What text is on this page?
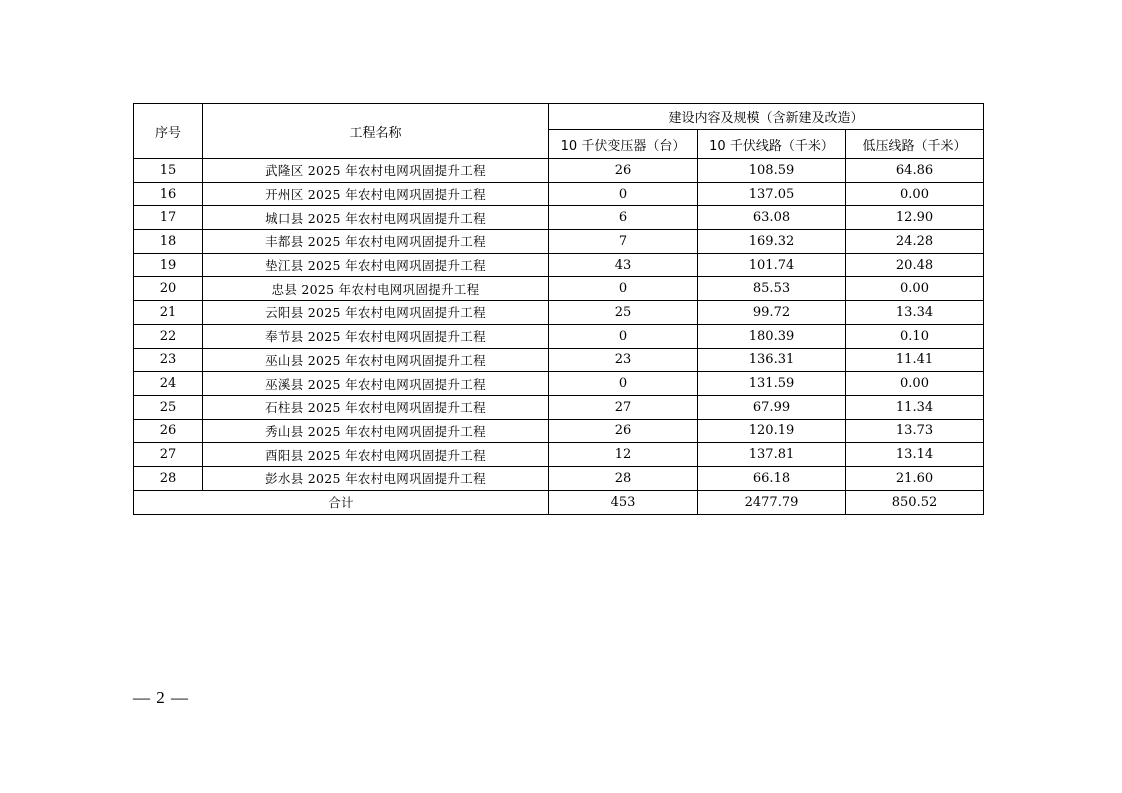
序号	工程名称	建设内容及规模（含新建及改造）		
		10 千伏变压器（台）	10 千伏线路（千米）	低压线路（千米）
15	武隆区 2025 年农村电网巩固提升工程	26	108.59	64.86
16	开州区 2025 年农村电网巩固提升工程	0	137.05	0.00
17	城口县 2025 年农村电网巩固提升工程	6	63.08	12.90
18	丰都县 2025 年农村电网巩固提升工程	7	169.32	24.28
19	垫江县 2025 年农村电网巩固提升工程	43	101.74	20.48
20	忠县 2025 年农村电网巩固提升工程	0	85.53	0.00
21	云阳县 2025 年农村电网巩固提升工程	25	99.72	13.34
22	奉节县 2025 年农村电网巩固提升工程	0	180.39	0.10
23	巫山县 2025 年农村电网巩固提升工程	23	136.31	11.41
24	巫溪县 2025 年农村电网巩固提升工程	0	131.59	0.00
25	石柱县 2025 年农村电网巩固提升工程	27	67.99	11.34
26	秀山县 2025 年农村电网巩固提升工程	26	120.19	13.73
27	酉阳县 2025 年农村电网巩固提升工程	12	137.81	13.14
28	彭水县 2025 年农村电网巩固提升工程	28	66.18	21.60
合计		453	2477.79	850.52
— 2 —
